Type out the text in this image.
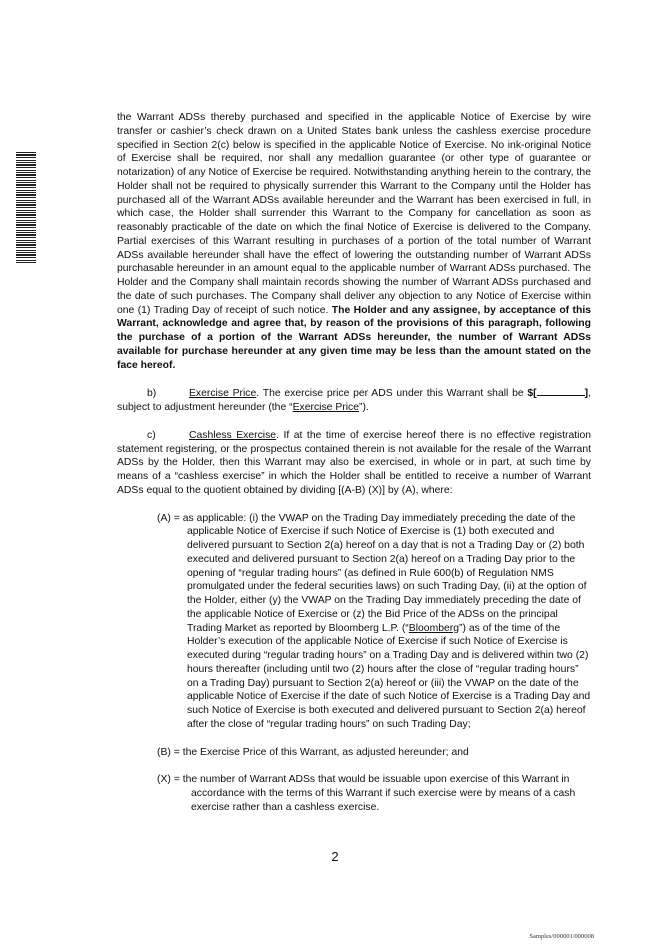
the Warrant ADSs thereby purchased and specified in the applicable Notice of Exercise by wire transfer or cashier’s check drawn on a United States bank unless the cashless exercise procedure specified in Section 2(c) below is specified in the applicable Notice of Exercise. No ink-original Notice of Exercise shall be required, nor shall any medallion guarantee (or other type of guarantee or notarization) of any Notice of Exercise be required. Notwithstanding anything herein to the contrary, the Holder shall not be required to physically surrender this Warrant to the Company until the Holder has purchased all of the Warrant ADSs available hereunder and the Warrant has been exercised in full, in which case, the Holder shall surrender this Warrant to the Company for cancellation as soon as reasonably practicable of the date on which the final Notice of Exercise is delivered to the Company. Partial exercises of this Warrant resulting in purchases of a portion of the total number of Warrant ADSs available hereunder shall have the effect of lowering the outstanding number of Warrant ADSs purchasable hereunder in an amount equal to the applicable number of Warrant ADSs purchased. The Holder and the Company shall maintain records showing the number of Warrant ADSs purchased and the date of such purchases. The Company shall deliver any objection to any Notice of Exercise within one (1) Trading Day of receipt of such notice. The Holder and any assignee, by acceptance of this Warrant, acknowledge and agree that, by reason of the provisions of this paragraph, following the purchase of a portion of the Warrant ADSs hereunder, the number of Warrant ADSs available for purchase hereunder at any given time may be less than the amount stated on the face hereof.

b)	Exercise Price. The exercise price per ADS under this Warrant shall be $[	], subject to adjustment hereunder (the “Exercise Price”).

c)	Cashless Exercise. If at the time of exercise hereof there is no effective registration statement registering, or the prospectus contained therein is not available for the resale of the Warrant ADSs by the Holder, then this Warrant may also be exercised, in whole or in part, at such time by means of a “cashless exercise” in which the Holder shall be entitled to receive a number of Warrant ADSs equal to the quotient obtained by dividing [(A-B) (X)] by (A), where:

(A) = as applicable: (i) the VWAP on the Trading Day immediately preceding the date of the applicable Notice of Exercise if such Notice of Exercise is (1) both executed and delivered pursuant to Section 2(a) hereof on a day that is not a Trading Day or (2) both executed and delivered pursuant to Section 2(a) hereof on a Trading Day prior to the opening of “regular trading hours” (as defined in Rule 600(b) of Regulation NMS promulgated under the federal securities laws) on such Trading Day, (ii) at the option of the Holder, either (y) the VWAP on the Trading Day immediately preceding the date of the applicable Notice of Exercise or (z) the Bid Price of the ADSs on the principal Trading Market as reported by Bloomberg L.P. (“Bloomberg”) as of the time of the Holder’s execution of the applicable Notice of Exercise if such Notice of Exercise is executed during “regular trading hours” on a Trading Day and is delivered within two (2) hours thereafter (including until two (2) hours after the close of “regular trading hours” on a Trading Day) pursuant to Section 2(a) hereof or (iii) the VWAP on the date of the applicable Notice of Exercise if the date of such Notice of Exercise is a Trading Day and such Notice of Exercise is both executed and delivered pursuant to Section 2(a) hereof after the close of “regular trading hours” on such Trading Day;

(B) = the Exercise Price of this Warrant, as adjusted hereunder; and

(X) = the number of Warrant ADSs that would be issuable upon exercise of this Warrant in accordance with the terms of this Warrant if such exercise were by means of a cash exercise rather than a cashless exercise.

2
Samples/000001/000008
